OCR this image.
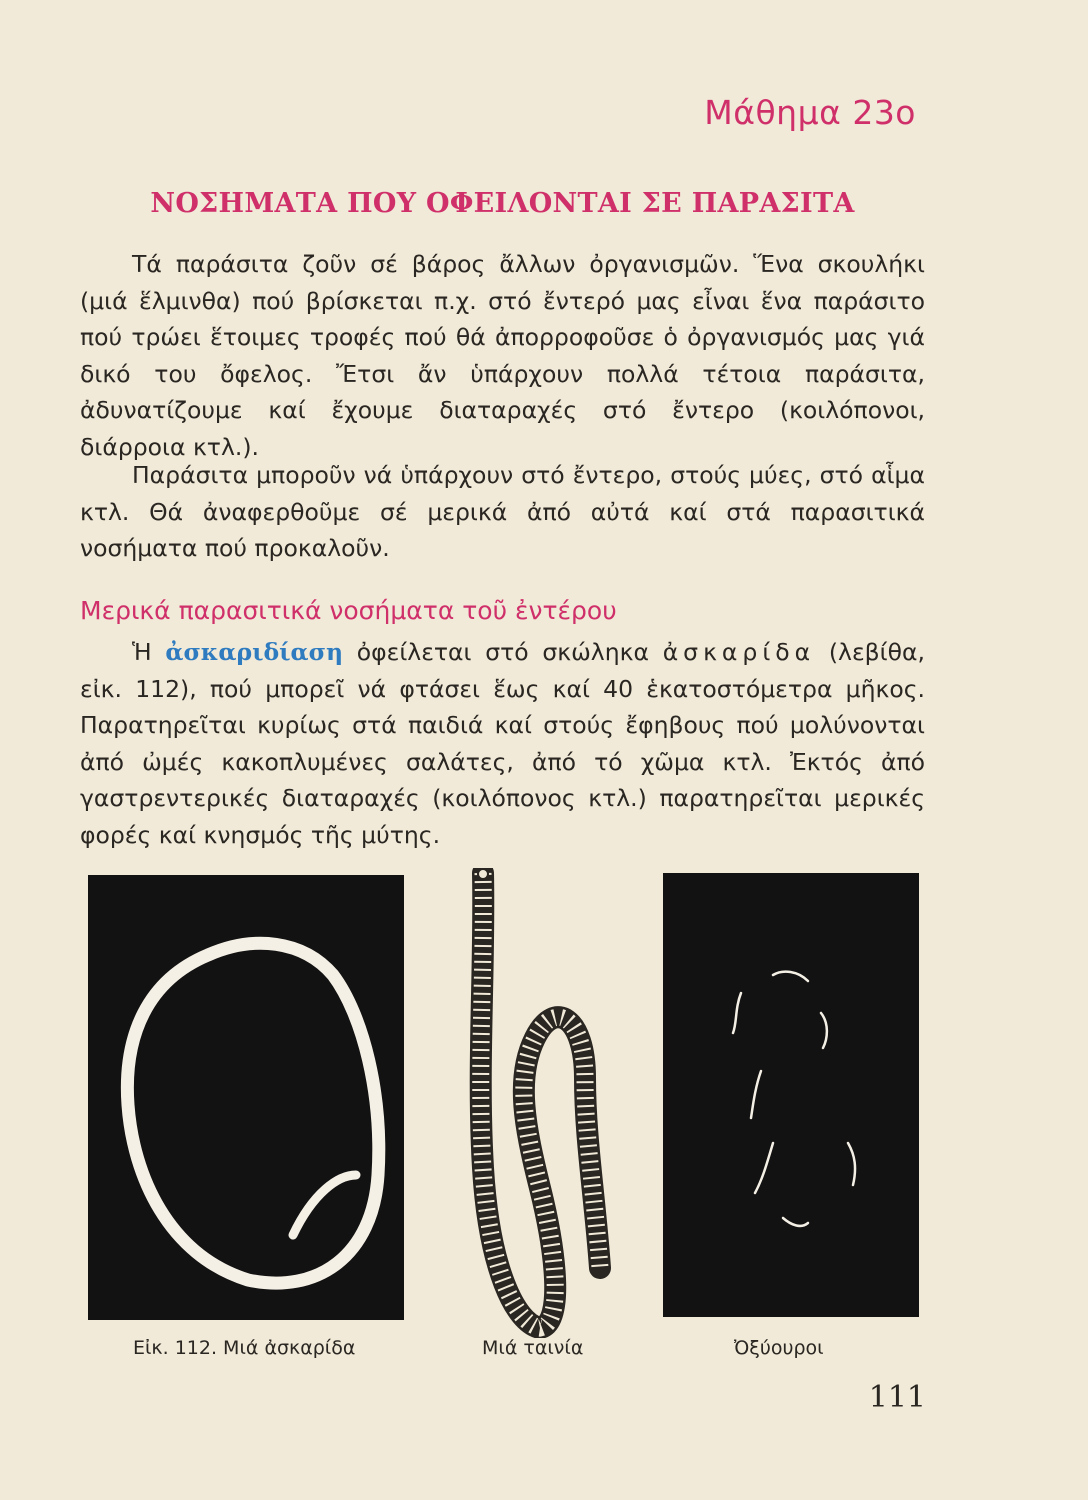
Μάθημα 23ο
ΝΟΣΗΜΑΤΑ ΠΟΥ ΟΦΕΙΛΟΝΤΑΙ ΣΕ ΠΑΡΑΣΙΤΑ

Τά παράσιτα ζοῦν σέ βάρος ἄλλων ὀργανισμῶν. Ἕνα σκουλήκι (μιά ἕλμινθα) πού βρίσκεται π.χ. στό ἔντερό μας εἶναι ἕνα παράσιτο πού τρώει ἕτοιμες τροφές πού θά ἀπορροφοῦσε ὁ ὀργανισμός μας γιά δικό του ὄφελος. Ἔτσι ἄν ὑπάρχουν πολλά τέτοια παράσιτα, ἀδυνατίζουμε καί ἔχουμε διαταραχές στό ἔντερο (κοιλόπονοι, διάρροια κτλ.).

Παράσιτα μποροῦν νά ὑπάρχουν στό ἔντερο, στούς μύες, στό αἷμα κτλ. Θά ἀναφερθοῦμε σέ μερικά ἀπό αὐτά καί στά παρασιτικά νοσήματα πού προκαλοῦν.

Μερικά παρασιτικά νοσήματα τοῦ ἐντέρου

Ἡ ἀσκαριδίαση ὀφείλεται στό σκώληκα ἀσκαρίδα (λεβίθα, εἰκ. 112), πού μπορεῖ νά φτάσει ἕως καί 40 ἑκατοστόμετρα μῆκος. Παρατηρεῖται κυρίως στά παιδιά καί στούς ἔφηβους πού μολύνονται ἀπό ὠμές κακοπλυμένες σαλάτες, ἀπό τό χῶμα κτλ. Ἐκτός ἀπό γαστρεντερικές διαταραχές (κοιλόπονος κτλ.) παρατηρεῖται μερικές φορές καί κνησμός τῆς μύτης.

Εἰκ. 112. Μιά ἀσκαρίδα	Μιά ταινία	Ὀξύουροι
111
